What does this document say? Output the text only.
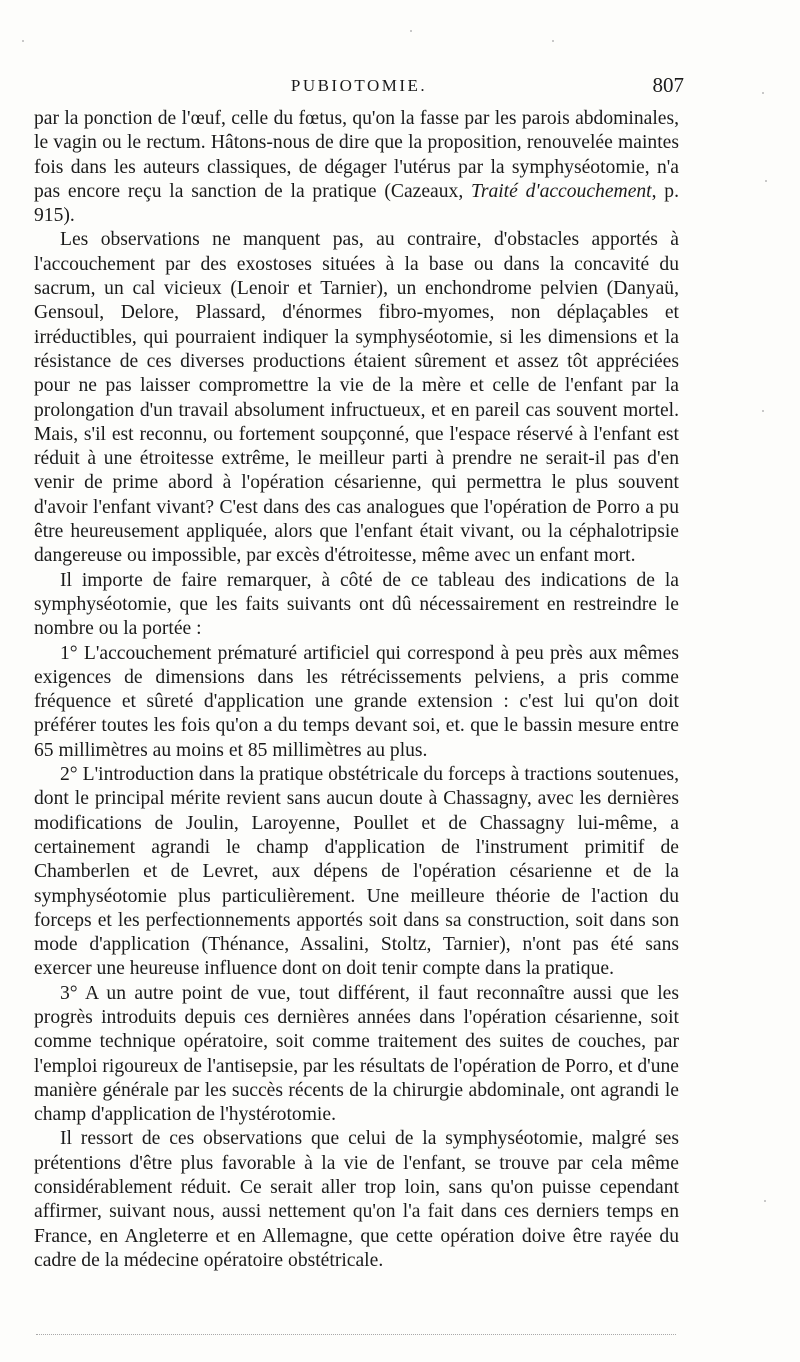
PUBIOTOMIE.	807

par la ponction de l'œuf, celle du fœtus, qu'on la fasse par les parois abdominales, le vagin ou le rectum. Hâtons-nous de dire que la proposition, renouvelée maintes fois dans les auteurs classiques, de dégager l'utérus par la symphyséotomie, n'a pas encore reçu la sanction de la pratique (Cazeaux, Traité d'accouchement, p. 915).

Les observations ne manquent pas, au contraire, d'obstacles apportés à l'accouchement par des exostoses situées à la base ou dans la concavité du sacrum, un cal vicieux (Lenoir et Tarnier), un enchondrome pelvien (Danyaü, Gensoul, Delore, Plassard, d'énormes fibro-myomes, non déplaçables et irréductibles, qui pourraient indiquer la symphyséotomie, si les dimensions et la résistance de ces diverses productions étaient sûrement et assez tôt appréciées pour ne pas laisser compromettre la vie de la mère et celle de l'enfant par la prolongation d'un travail absolument infructueux, et en pareil cas souvent mortel. Mais, s'il est reconnu, ou fortement soupçonné, que l'espace réservé à l'enfant est réduit à une étroitesse extrême, le meilleur parti à prendre ne serait-il pas d'en venir de prime abord à l'opération césarienne, qui permettra le plus souvent d'avoir l'enfant vivant? C'est dans des cas analogues que l'opération de Porro a pu être heureusement appliquée, alors que l'enfant était vivant, ou la céphalotripsie dangereuse ou impossible, par excès d'étroitesse, même avec un enfant mort.

Il importe de faire remarquer, à côté de ce tableau des indications de la symphyséotomie, que les faits suivants ont dû nécessairement en restreindre le nombre ou la portée :

1° L'accouchement prématuré artificiel qui correspond à peu près aux mêmes exigences de dimensions dans les rétrécissements pelviens, a pris comme fréquence et sûreté d'application une grande extension : c'est lui qu'on doit préférer toutes les fois qu'on a du temps devant soi, et. que le bassin mesure entre 65 millimètres au moins et 85 millimètres au plus.

2° L'introduction dans la pratique obstétricale du forceps à tractions soutenues, dont le principal mérite revient sans aucun doute à Chassagny, avec les dernières modifications de Joulin, Laroyenne, Poullet et de Chassagny lui-même, a certainement agrandi le champ d'application de l'instrument primitif de Chamberlen et de Levret, aux dépens de l'opération césarienne et de la symphyséotomie plus particulièrement. Une meilleure théorie de l'action du forceps et les perfectionnements apportés soit dans sa construction, soit dans son mode d'application (Thénance, Assalini, Stoltz, Tarnier), n'ont pas été sans exercer une heureuse influence dont on doit tenir compte dans la pratique.

3° A un autre point de vue, tout différent, il faut reconnaître aussi que les progrès introduits depuis ces dernières années dans l'opération césarienne, soit comme technique opératoire, soit comme traitement des suites de couches, par l'emploi rigoureux de l'antisepsie, par les résultats de l'opération de Porro, et d'une manière générale par les succès récents de la chirurgie abdominale, ont agrandi le champ d'application de l'hystérotomie.

Il ressort de ces observations que celui de la symphyséotomie, malgré ses prétentions d'être plus favorable à la vie de l'enfant, se trouve par cela même considérablement réduit. Ce serait aller trop loin, sans qu'on puisse cependant affirmer, suivant nous, aussi nettement qu'on l'a fait dans ces derniers temps en France, en Angleterre et en Allemagne, que cette opération doive être rayée du cadre de la médecine opératoire obstétricale.
